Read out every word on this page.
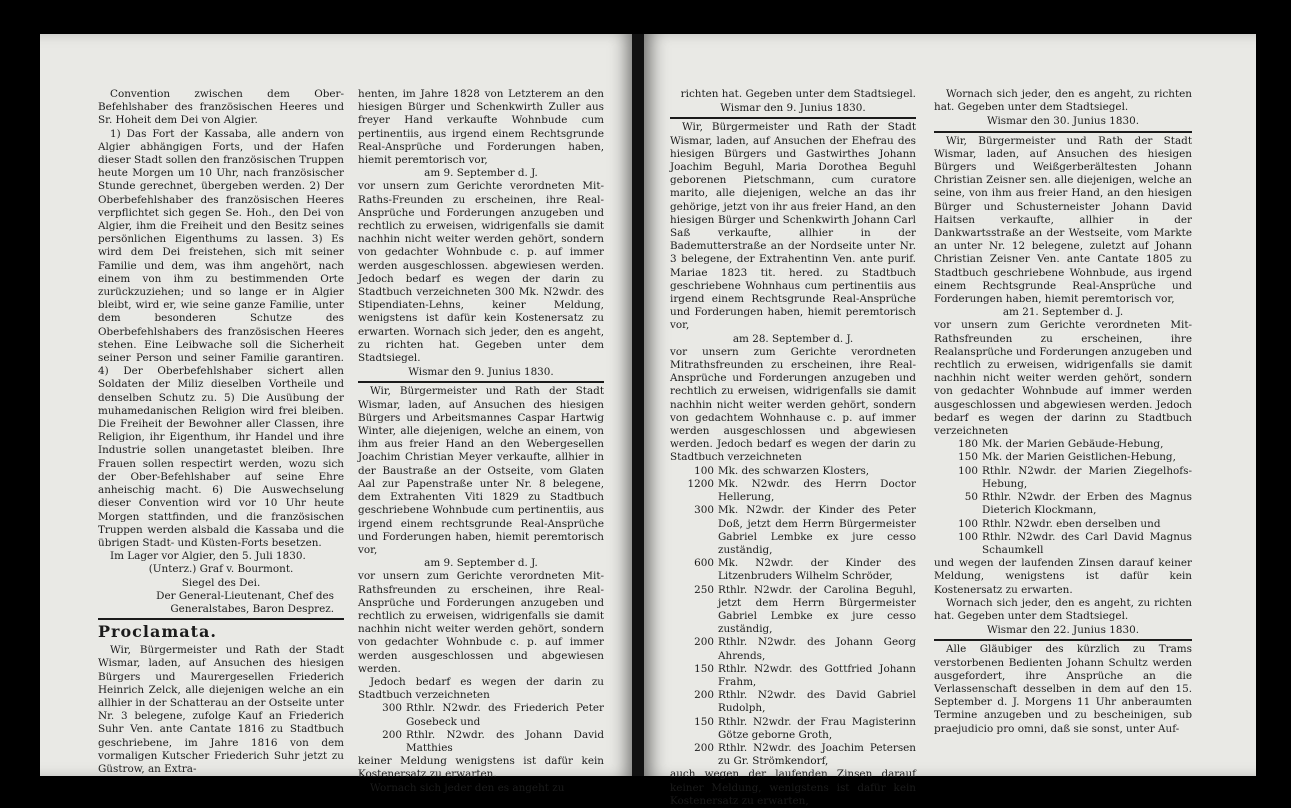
Convention zwischen dem Ober-Befehlshaber des französischen Heeres und Sr. Hoheit dem Dei von Algier.

1) Das Fort der Kassaba, alle andern von Algier abhängigen Forts, und der Hafen dieser Stadt sollen den französischen Truppen heute Morgen um 10 Uhr, nach französischer Stunde gerechnet, übergeben werden. 2) Der Oberbefehlshaber des französischen Heeres verpflichtet sich gegen Se. Hoh., den Dei von Algier, ihm die Freiheit und den Besitz seines persönlichen Eigenthums zu lassen. 3) Es wird dem Dei freistehen, sich mit seiner Familie und dem, was ihm angehört, nach einem von ihm zu bestimmenden Orte zurückzuziehen; und so lange er in Algier bleibt, wird er, wie seine ganze Familie, unter dem besonderen Schutze des Oberbefehlshabers des französischen Heeres stehen. Eine Leibwache soll die Sicherheit seiner Person und seiner Familie garantiren. 4) Der Oberbefehlshaber sichert allen Soldaten der Miliz dieselben Vortheile und denselben Schutz zu. 5) Die Ausübung der muhamedanischen Religion wird frei bleiben. Die Freiheit der Bewohner aller Classen, ihre Religion, ihr Eigenthum, ihr Handel und ihre Industrie sollen unangetastet bleiben. Ihre Frauen sollen respectirt werden, wozu sich der Ober-Befehlshaber auf seine Ehre anheischig macht. 6) Die Auswechselung dieser Convention wird vor 10 Uhr heute Morgen stattfinden, und die französischen Truppen werden alsbald die Kassaba und die übrigen Stadt- und Küsten-Forts besetzen.

Im Lager vor Algier, den 5. Juli 1830.

(Unterz.) Graf v. Bourmont.

Siegel des Dei.

Der General-Lieutenant, Chef des Generalstabes, Baron Desprez.

Proclamata.

Wir, Bürgermeister und Rath der Stadt Wismar, laden, auf Ansuchen des hiesigen Bürgers und Maurergesellen Friederich Heinrich Zelck, alle diejenigen welche an ein allhier in der Schatterau an der Ostseite unter Nr. 3 belegene, zufolge Kauf an Friederich Suhr Ven. ante Cantate 1816 zu Stadtbuch geschriebene, im Jahre 1816 von dem vormaligen Kutscher Friederich Suhr jetzt zu Güstrow, an Extra-

henten, im Jahre 1828 von Letzterem an den hiesigen Bürger und Schenkwirth Zuller aus freyer Hand verkaufte Wohnbude cum pertinentiis, aus irgend einem Rechtsgrunde Real-Ansprüche und Forderungen haben, hiemit peremtorisch vor,

am 9. September d. J.

vor unsern zum Gerichte verordneten Mit-Raths-Freunden zu erscheinen, ihre Real-Ansprüche und Forderungen anzugeben und rechtlich zu erweisen, widrigenfalls sie damit nachhin nicht weiter werden gehört, sondern von gedachter Wohnbude c. p. auf immer werden ausgeschlossen. abgewiesen werden. Jedoch bedarf es wegen der darin zu Stadtbuch verzeichneten 300 Mk. N2wdr. des Stipendiaten-Lehns, keiner Meldung, wenigstens ist dafür kein Kostenersatz zu erwarten. Wornach sich jeder, den es angeht, zu richten hat. Gegeben unter dem Stadtsiegel.

Wismar den 9. Junius 1830.

Wir, Bürgermeister und Rath der Stadt Wismar, laden, auf Ansuchen des hiesigen Bürgers und Arbeitsmannes Caspar Hartwig Winter, alle diejenigen, welche an einem, von ihm aus freier Hand an den Webergesellen Joachim Christian Meyer verkaufte, allhier in der Baustraße an der Ostseite, vom Glaten Aal zur Papenstraße unter Nr. 8 belegene, dem Extrahenten Viti 1829 zu Stadtbuch geschriebene Wohnbude cum pertinentiis, aus irgend einem rechtsgrunde Real-Ansprüche und Forderungen haben, hiemit peremtorisch vor,

am 9. September d. J.

vor unsern zum Gerichte verordneten Mit-Rathsfreunden zu erscheinen, ihre Real-Ansprüche und Forderungen anzugeben und rechtlich zu erweisen, widrigenfalls sie damit nachhin nicht weiter werden gehört, sondern von gedachter Wohnbude c. p. auf immer werden ausgeschlossen und abgewiesen werden.

Jedoch bedarf es wegen der darin zu Stadtbuch verzeichneten

300 Rthlr. N2wdr. des Friederich Peter Gosebeck und
200 Rthlr. N2wdr. des Johann David Matthies

keiner Meldung wenigstens ist dafür kein Kostenersatz zu erwarten.

Wornach sich jeder den es angeht zu

richten hat. Gegeben unter dem Stadtsiegel.

Wismar den 9. Junius 1830.

Wir, Bürgermeister und Rath der Stadt Wismar, laden, auf Ansuchen der Ehefrau des hiesigen Bürgers und Gastwirthes Johann Joachim Beguhl, Maria Dorothea Beguhl geborenen Pietschmann, cum curatore marito, alle diejenigen, welche an das ihr gehörige, jetzt von ihr aus freier Hand, an den hiesigen Bürger und Schenkwirth Johann Carl Saß verkaufte, allhier in der Bademutterstraße an der Nordseite unter Nr. 3 belegene, der Extrahentinn Ven. ante purif. Mariae 1823 tit. hered. zu Stadtbuch geschriebene Wohnhaus cum pertinentiis aus irgend einem Rechtsgrunde Real-Ansprüche und Forderungen haben, hiemit peremtorisch vor,

am 28. September d. J.

vor unsern zum Gerichte verordneten Mitrathsfreunden zu erscheinen, ihre Real-Ansprüche und Forderungen anzugeben und rechtlich zu erweisen, widrigenfalls sie damit nachhin nicht weiter werden gehört, sondern von gedachtem Wohnhause c. p. auf immer werden ausgeschlossen und abgewiesen werden. Jedoch bedarf es wegen der darin zu Stadtbuch verzeichneten

100 Mk. des schwarzen Klosters,
1200 Mk. N2wdr. des Herrn Doctor Hellerung,
300 Mk. N2wdr. der Kinder des Peter Doß, jetzt dem Herrn Bürgermeister Gabriel Lembke ex jure cesso zuständig,
600 Mk. N2wdr. der Kinder des Litzenbruders Wilhelm Schröder,
250 Rthlr. N2wdr. der Carolina Beguhl, jetzt dem Herrn Bürgermeister Gabriel Lembke ex jure cesso zuständig,
200 Rthlr. N2wdr. des Johann Georg Ahrends,
150 Rthlr. N2wdr. des Gottfried Johann Frahm,
200 Rthlr. N2wdr. des David Gabriel Rudolph,
150 Rthlr. N2wdr. der Frau Magisterinn Götze geborne Groth,
200 Rthlr. N2wdr. des Joachim Petersen zu Gr. Strömkendorf,

auch wegen der laufenden Zinsen darauf keiner Meldung, wenigstens ist dafür kein Kostenersatz zu erwarten,

Wornach sich jeder, den es angeht, zu richten hat. Gegeben unter dem Stadtsiegel.

Wismar den 30. Junius 1830.

Wir, Bürgermeister und Rath der Stadt Wismar, laden, auf Ansuchen des hiesigen Bürgers und Weißgerberältesten Johann Christian Zeisner sen. alle diejenigen, welche an seine, von ihm aus freier Hand, an den hiesigen Bürger und Schusterneister Johann David Haitsen verkaufte, allhier in der Dankwartsstraße an der Westseite, vom Markte an unter Nr. 12 belegene, zuletzt auf Johann Christian Zeisner Ven. ante Cantate 1805 zu Stadtbuch geschriebene Wohnbude, aus irgend einem Rechtsgrunde Real-Ansprüche und Forderungen haben, hiemit peremtorisch vor,

am 21. September d. J.

vor unsern zum Gerichte verordneten Mit-Rathsfreunden zu erscheinen, ihre Realansprüche und Forderungen anzugeben und rechtlich zu erweisen, widrigenfalls sie damit nachhin nicht weiter werden gehört, sondern von gedachter Wohnbude auf immer werden ausgeschlossen und abgewiesen werden. Jedoch bedarf es wegen der darinn zu Stadtbuch verzeichneten

180 Mk. der Marien Gebäude-Hebung,
150 Mk. der Marien Geistlichen-Hebung,
100 Rthlr. N2wdr. der Marien Ziegelhofs-Hebung,
50 Rthlr. N2wdr. der Erben des Magnus Dieterich Klockmann,
100 Rthlr. N2wdr. eben derselben und
100 Rthlr. N2wdr. des Carl David Magnus Schaumkell

und wegen der laufenden Zinsen darauf keiner Meldung, wenigstens ist dafür kein Kostenersatz zu erwarten.

Wornach sich jeder, den es angeht, zu richten hat. Gegeben unter dem Stadtsiegel.

Wismar den 22. Junius 1830.

Alle Gläubiger des kürzlich zu Trams verstorbenen Bedienten Johann Schultz werden ausgefordert, ihre Ansprüche an die Verlassenschaft desselben in dem auf den 15. September d. J. Morgens 11 Uhr anberaumten Termine anzugeben und zu bescheinigen, sub praejudicio pro omni, daß sie sonst, unter Auf-
